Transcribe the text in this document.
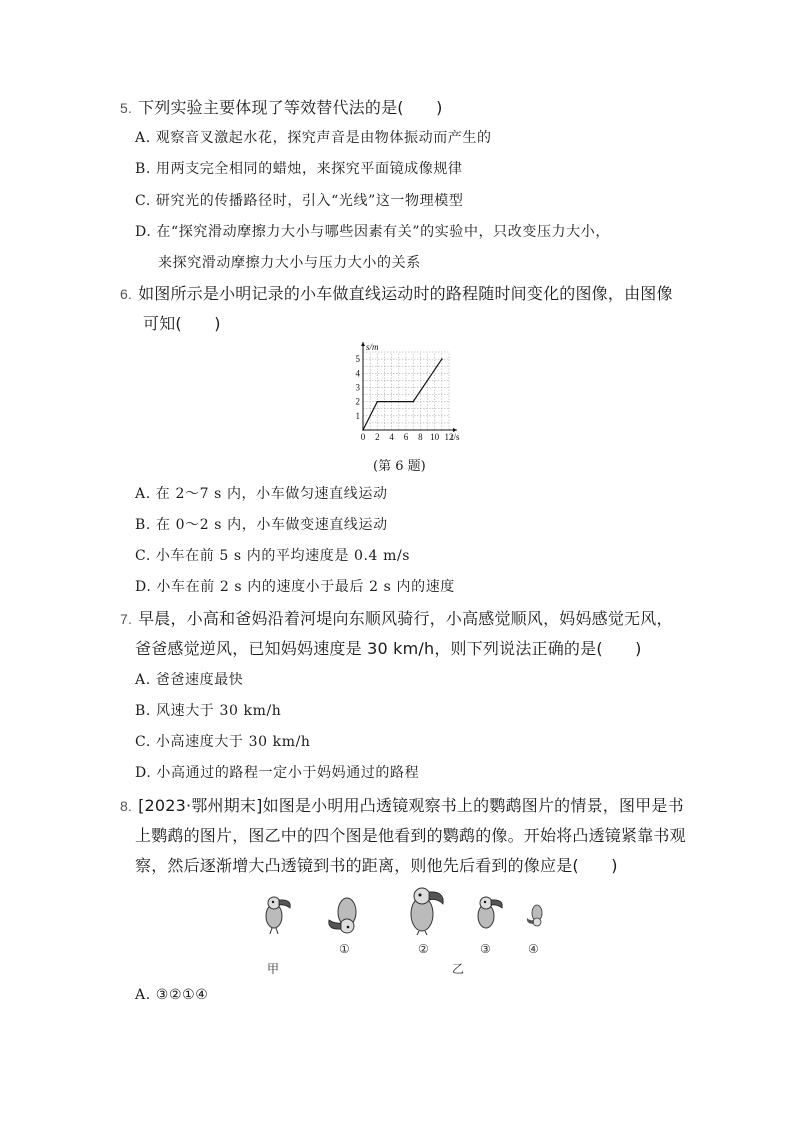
5. 下列实验主要体现了等效替代法的是(　　)
A. 观察音叉激起水花，探究声音是由物体振动而产生的
B. 用两支完全相同的蜡烛，来探究平面镜成像规律
C. 研究光的传播路径时，引入“光线”这一物理模型
D. 在“探究滑动摩擦力大小与哪些因素有关”的实验中，只改变压力大小，
来探究滑动摩擦力大小与压力大小的关系
6. 如图所示是小明记录的小车做直线运动时的路程随时间变化的图像，由图像
可知(　　)
0 2 4 6 8 10 12
1
2
3
4
5
t/s
s/m
(第 6 题)
A. 在 2～7 s 内，小车做匀速直线运动
B. 在 0～2 s 内，小车做变速直线运动
C. 小车在前 5 s 内的平均速度是 0.4 m/s
D. 小车在前 2 s 内的速度小于最后 2 s 内的速度
7. 早晨，小高和爸妈沿着河堤向东顺风骑行，小高感觉顺风，妈妈感觉无风，
爸爸感觉逆风，已知妈妈速度是 30 km/h，则下列说法正确的是(　　)
A. 爸爸速度最快
B. 风速大于 30 km/h
C. 小高速度大于 30 km/h
D. 小高通过的路程一定小于妈妈通过的路程
8. [2023·鄂州期末]如图是小明用凸透镜观察书上的鹦鹉图片的情景，图甲是书
上鹦鹉的图片，图乙中的四个图是他看到的鹦鹉的像。开始将凸透镜紧靠书观
察，然后逐渐增大凸透镜到书的距离，则他先后看到的像应是(　　)
①	②	③	④
甲	乙
A. ③②①④
